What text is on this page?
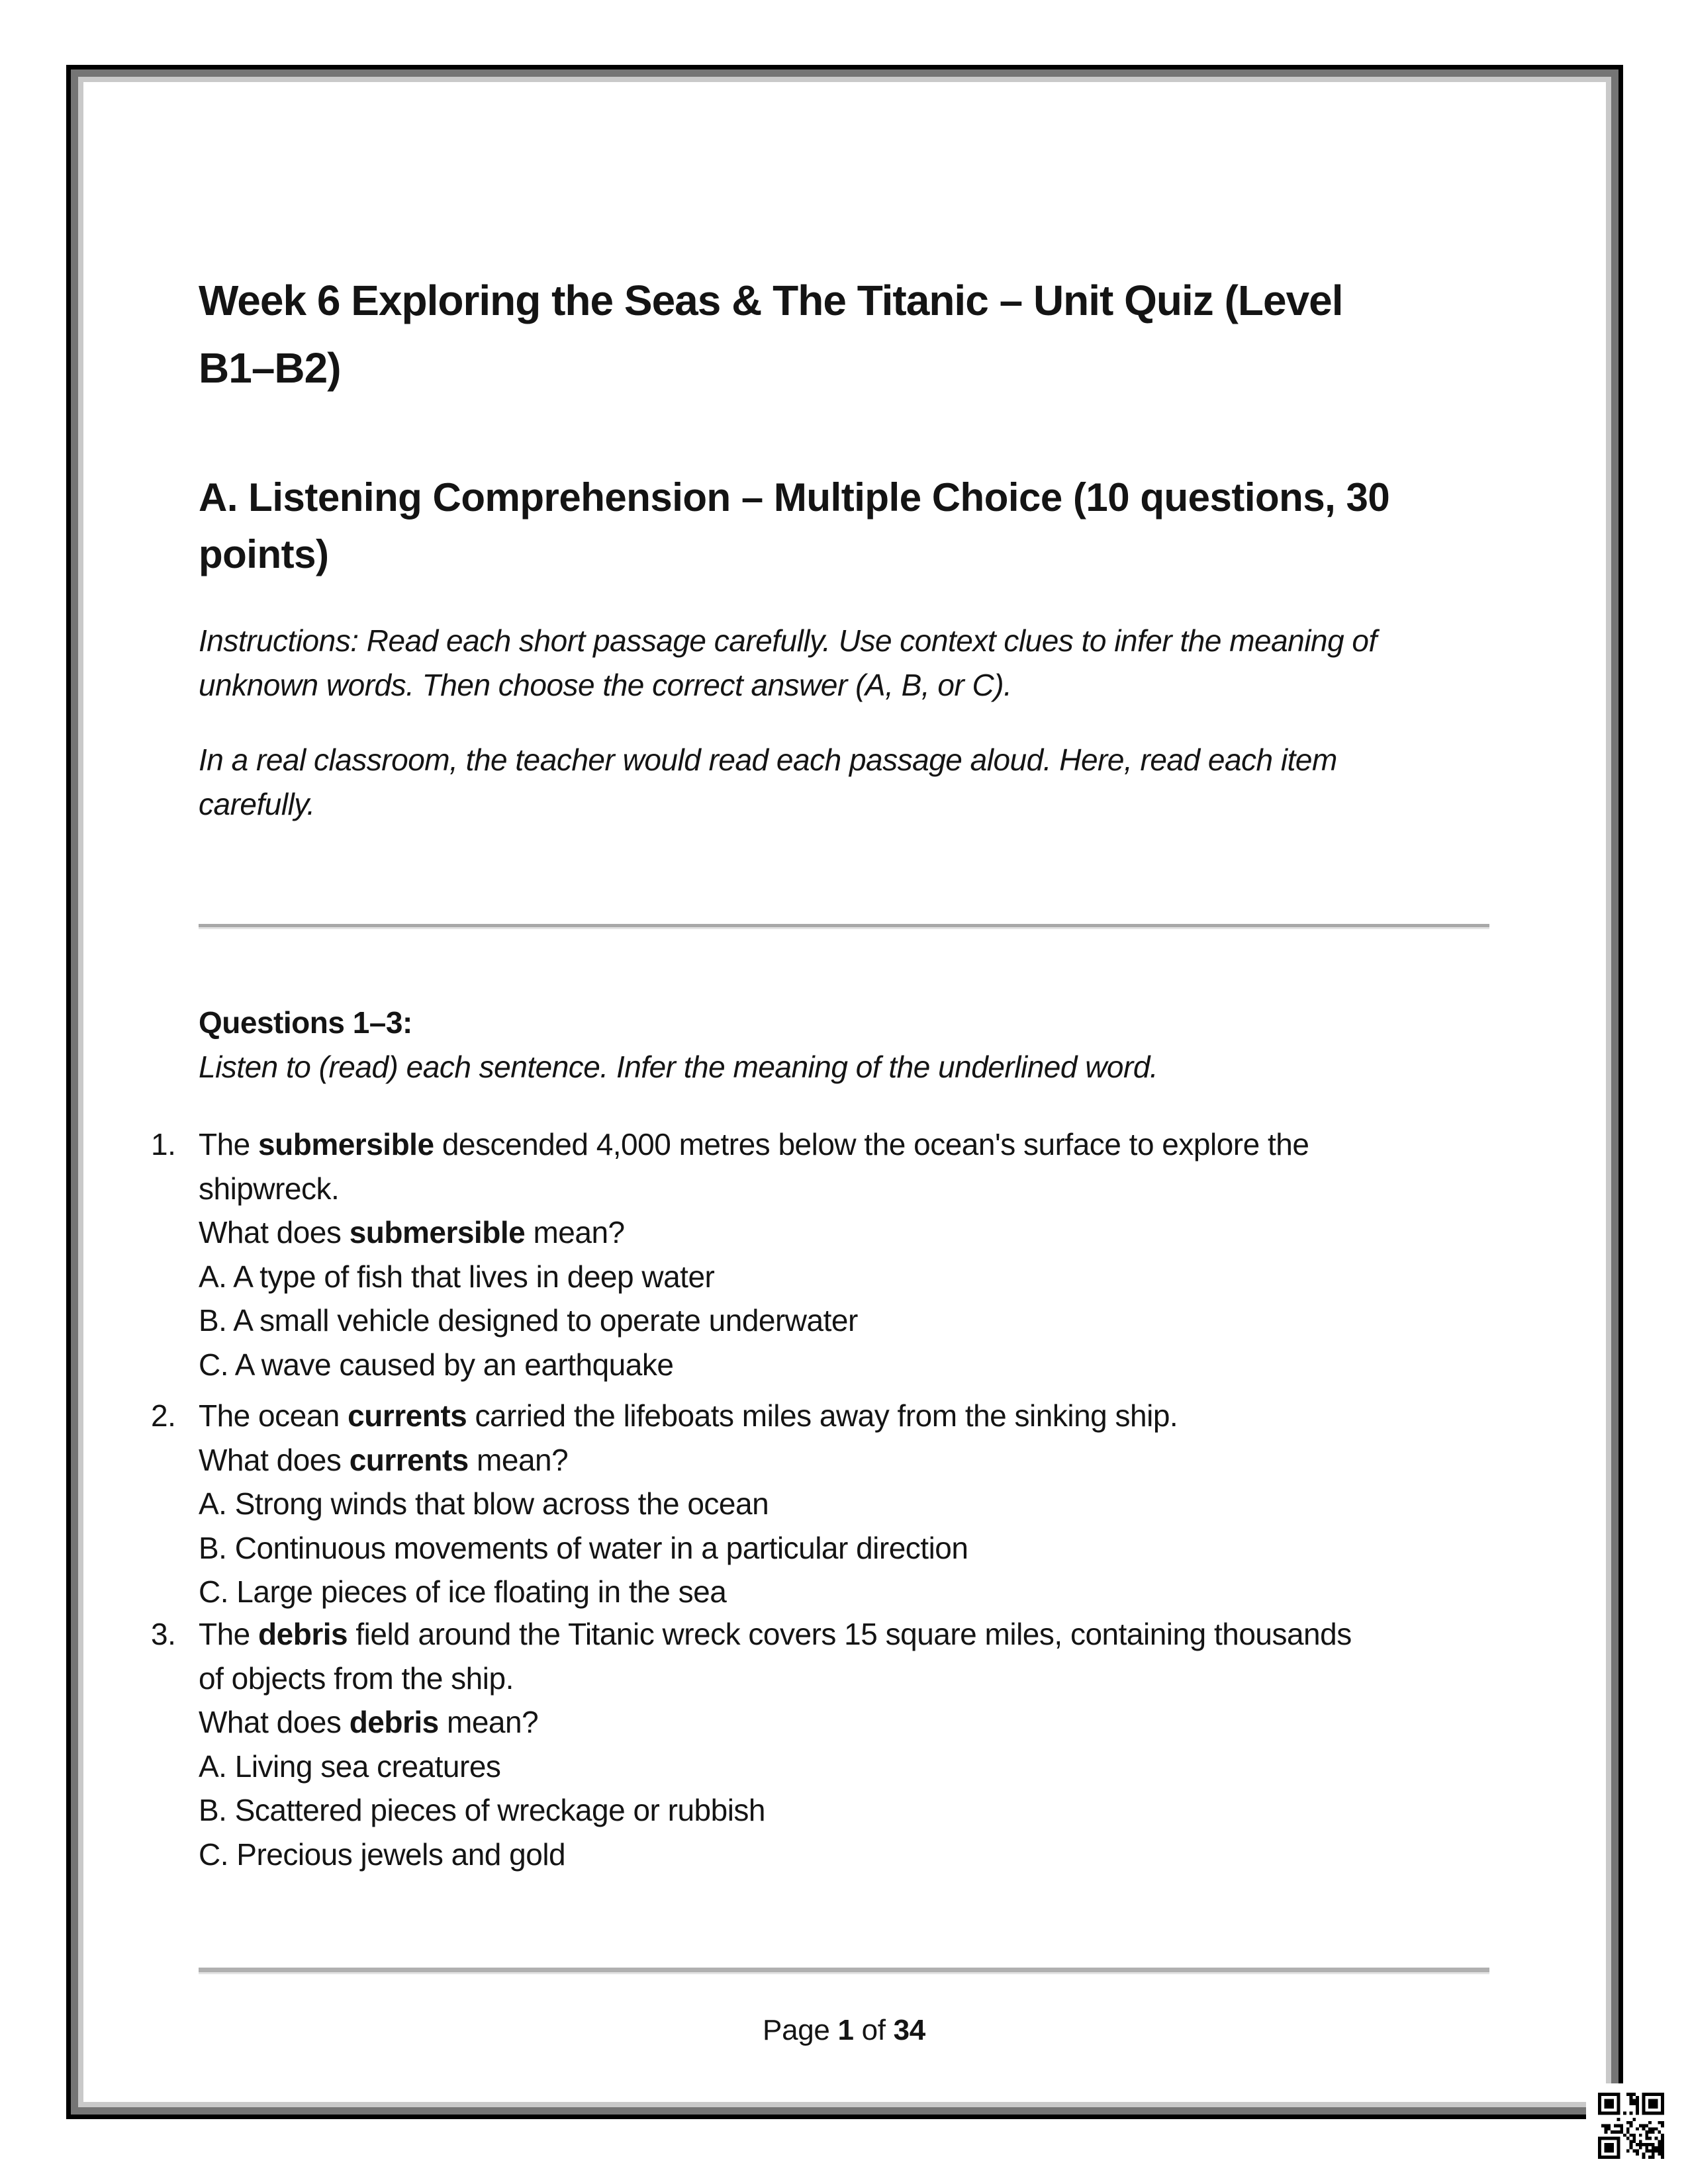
Week 6 Exploring the Seas & The Titanic – Unit Quiz (Level
B1–B2)
A. Listening Comprehension – Multiple Choice (10 questions, 30
points)
Instructions: Read each short passage carefully. Use context clues to infer the meaning of
unknown words. Then choose the correct answer (A, B, or C).
In a real classroom, the teacher would read each passage aloud. Here, read each item
carefully.
Questions 1–3:
Listen to (read) each sentence. Infer the meaning of the underlined word.
1. The submersible descended 4,000 metres below the ocean's surface to explore the
shipwreck.
What does submersible mean?
A. A type of fish that lives in deep water
B. A small vehicle designed to operate underwater
C. A wave caused by an earthquake
2. The ocean currents carried the lifeboats miles away from the sinking ship.
What does currents mean?
A. Strong winds that blow across the ocean
B. Continuous movements of water in a particular direction
C. Large pieces of ice floating in the sea
3. The debris field around the Titanic wreck covers 15 square miles, containing thousands
of objects from the ship.
What does debris mean?
A. Living sea creatures
B. Scattered pieces of wreckage or rubbish
C. Precious jewels and gold
Page 1 of 34
